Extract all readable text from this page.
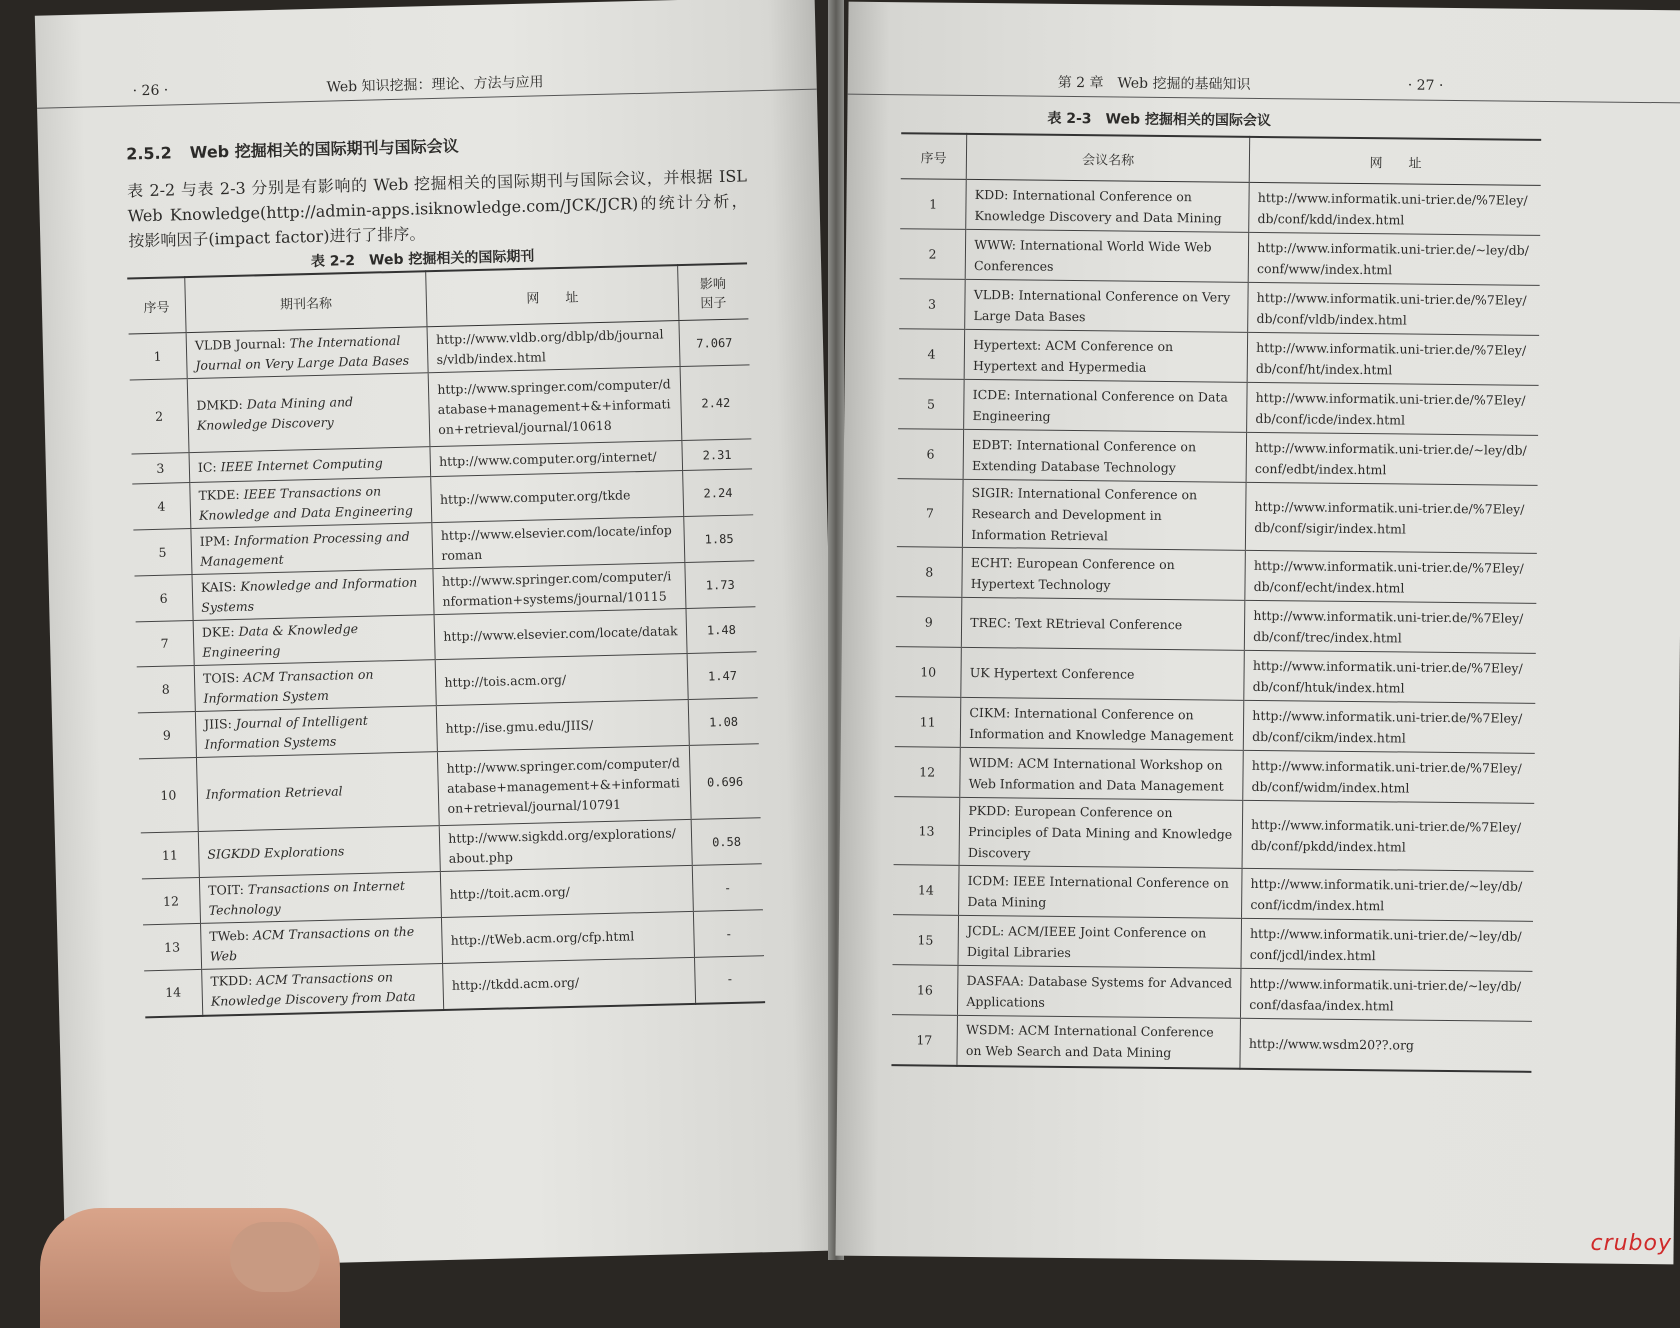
· 26 ·	Web 知识挖掘：理论、方法与应用
2.5.2 Web 挖掘相关的国际期刊与国际会议

表 2-2 与表 2-3 分别是有影响的 Web 挖掘相关的国际期刊与国际会议，并根据 ISL Web Knowledge(http://admin-apps.isiknowledge.com/JCK/JCR)的统计分析，按影响因子(impact factor)进行了排序。

表 2-2 Web 挖掘相关的国际期刊
序号	期刊名称	网　　址	影响
因子
1	VLDB Journal: The International Journal on Very Large Data Bases	http://www.vldb.org/dblp/db/journals/vldb/index.html	7.067
2	DMKD: Data Mining and Knowledge Discovery	http://www.springer.com/computer/database+management+&+information+retrieval/journal/10618	2.42
3	IC: IEEE Internet Computing	http://www.computer.org/internet/	2.31
4	TKDE: IEEE Transactions on Knowledge and Data Engineering	http://www.computer.org/tkde	2.24
5	IPM: Information Processing and Management	http://www.elsevier.com/locate/infoproman	1.85
6	KAIS: Knowledge and Information Systems	http://www.springer.com/computer/information+systems/journal/10115	1.73
7	DKE: Data & Knowledge Engineering	http://www.elsevier.com/locate/datak	1.48
8	TOIS: ACM Transaction on Information System	http://tois.acm.org/	1.47
9	JIIS: Journal of Intelligent Information Systems	http://ise.gmu.edu/JIIS/	1.08
10	Information Retrieval	http://www.springer.com/computer/database+management+&+information+retrieval/journal/10791	0.696
11	SIGKDD Explorations	http://www.sigkdd.org/explorations/about.php	0.58
12	TOIT: Transactions on Internet Technology	http://toit.acm.org/	-
13	TWeb: ACM Transactions on the Web	http://tWeb.acm.org/cfp.html	-
14	TKDD: ACM Transactions on Knowledge Discovery from Data	http://tkdd.acm.org/	-
第 2 章　Web 挖掘的基础知识	· 27 ·
表 2-3 Web 挖掘相关的国际会议
序号	会议名称	网　　址
1	KDD: International Conference on Knowledge Discovery and Data Mining	http://www.informatik.uni-trier.de/%7Eley/db/conf/kdd/index.html
2	WWW: International World Wide Web Conferences	http://www.informatik.uni-trier.de/~ley/db/conf/www/index.html
3	VLDB: International Conference on Very Large Data Bases	http://www.informatik.uni-trier.de/%7Eley/db/conf/vldb/index.html
4	Hypertext: ACM Conference on Hypertext and Hypermedia	http://www.informatik.uni-trier.de/%7Eley/db/conf/ht/index.html
5	ICDE: International Conference on Data Engineering	http://www.informatik.uni-trier.de/%7Eley/db/conf/icde/index.html
6	EDBT: International Conference on Extending Database Technology	http://www.informatik.uni-trier.de/~ley/db/conf/edbt/index.html
7	SIGIR: International Conference on Research and Development in Information Retrieval	http://www.informatik.uni-trier.de/%7Eley/db/conf/sigir/index.html
8	ECHT: European Conference on Hypertext Technology	http://www.informatik.uni-trier.de/%7Eley/db/conf/echt/index.html
9	TREC: Text REtrieval Conference	http://www.informatik.uni-trier.de/%7Eley/db/conf/trec/index.html
10	UK Hypertext Conference	http://www.informatik.uni-trier.de/%7Eley/db/conf/htuk/index.html
11	CIKM: International Conference on Information and Knowledge Management	http://www.informatik.uni-trier.de/%7Eley/db/conf/cikm/index.html
12	WIDM: ACM International Workshop on Web Information and Data Management	http://www.informatik.uni-trier.de/%7Eley/db/conf/widm/index.html
13	PKDD: European Conference on Principles of Data Mining and Knowledge Discovery	http://www.informatik.uni-trier.de/%7Eley/db/conf/pkdd/index.html
14	ICDM: IEEE International Conference on Data Mining	http://www.informatik.uni-trier.de/~ley/db/conf/icdm/index.html
15	JCDL: ACM/IEEE Joint Conference on Digital Libraries	http://www.informatik.uni-trier.de/~ley/db/conf/jcdl/index.html
16	DASFAA: Database Systems for Advanced Applications	http://www.informatik.uni-trier.de/~ley/db/conf/dasfaa/index.html
17	WSDM: ACM International Conference on Web Search and Data Mining	http://www.wsdm20??.org
cruboy
